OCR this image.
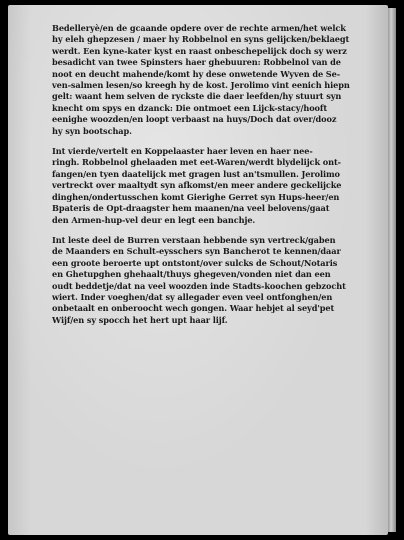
Bedelleryè/en de gcaande opdere over de rechte armen/het welck
hy eleh ghepzesen / maer hy Robbelnol en syns gelijcken/beklaegt
werdt. Een kyne-kater kyst en raast onbeschepelijck doch sy werz
besadicht van twee Spinsters haer ghebuuren: Robbelnol van de
noot en deucht mahende/komt hy dese onwetende Wyven de Se-
ven-salmen lesen/so kreegh hy de kost. Jerolimo vint eenich hiepn
gelt: waant hem selven de ryckste die daer leefden/hy stuurt syn
knecht om spys en dzanck: Die ontmoet een Lijck-stacy/hooft
eenighe woozden/en loopt verbaast na huys/Doch dat over/dooz
hy syn bootschap.
Int vierde/vertelt en Koppelaaster haer leven en haer nee-
ringh. Robbelnol ghelaaden met eet-Waren/werdt blydelijck ont-
fangen/en tyen daatelijck met gragen lust an'tsmullen. Jerolimo
vertreckt over maaltydt syn afkomst/en meer andere geckelijcke
dinghen/ondertusschen komt Gierighe Gerret syn Hups-heer/en
Bpateris de Opt-draagster hem maanen/na veel belovens/gaat
den Armen-hup-vel deur en legt een banchje.
Int leste deel de Burren verstaan hebbende syn vertreck/gaben
de Maanders en Schult-eysschers syn Bancherot te kennen/daar
een groote beroerte upt ontstont/over sulcks de Schout/Notaris
en Ghetupghen ghehaalt/thuys ghegeven/vonden niet dan een
oudt beddetje/dat na veel woozden inde Stadts-koochen gebzocht
wiert. Inder voeghen/dat sy allegader even veel ontfonghen/en
onbetaalt en onberoocht wech gongen. Waar hebjet al seyd'pet
Wijf/en sy spocch het hert upt haar lijf.
